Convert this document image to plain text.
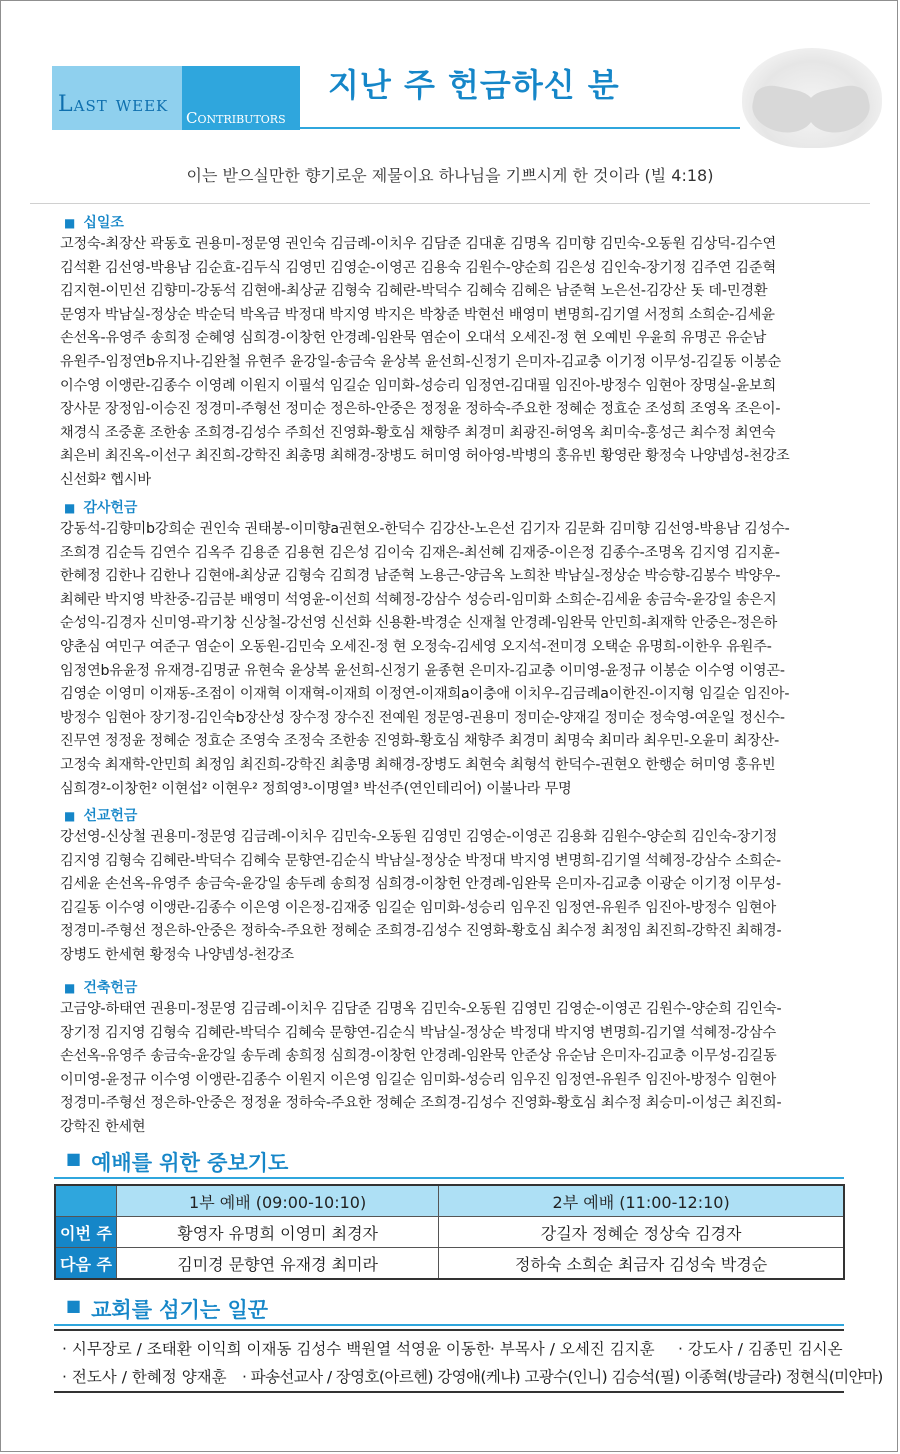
Last week
Contributors
지난 주 헌금하신 분
이는 받으실만한 향기로운 제물이요 하나님을 기쁘시게 한 것이라 (빌 4:18)
■ 십일조
고정숙-최장산 곽동호 권용미-정문영 권인숙 김금례-이치우 김담준 김대훈 김명옥 김미향 김민숙-오동원 김상덕-김수연
김석환 김선영-박용남 김순효-김두식 김영민 김영순-이영곤 김용숙 김원수-양순희 김은성 김인숙-장기정 김주연 김준혁
김지현-이민선 김향미-강동석 김현애-최상균 김형숙 김혜란-박덕수 김혜숙 김혜은 남준혁 노은선-김강산 돗 데-민경환
문영자 박남실-정상순 박순덕 박옥금 박정대 박지영 박지은 박창준 박현선 배영미 변명희-김기열 서정희 소희순-김세윤
손선옥-유영주 송희정 순혜영 심희경-이창헌 안경례-임완묵 염순이 오대석 오세진-정 현 오예빈 우윤희 유명곤 유순남
유원주-임정연b유지나-김완철 유현주 윤강일-송금숙 윤상복 윤선희-신정기 은미자-김교충 이기정 이무성-김길동 이봉순
이수영 이앵란-김종수 이영례 이원지 이필석 임길순 임미화-성승리 임정연-김대필 임진아-방정수 임현아 장명실-윤보희
장사문 장정임-이승진 정경미-주형선 정미순 정은하-안중은 정정윤 정하숙-주요한 정혜순 정효순 조성희 조영옥 조은이-
채경식 조중훈 조한송 조희경-김성수 주희선 진영화-황호심 채향주 최경미 최광진-허영옥 최미숙-홍성근 최수정 최연숙
최은비 최진옥-이선구 최진희-강학진 최총명 최해경-장병도 허미영 허아영-박병의 홍유빈 황영란 황정숙 나양넴성-천강조
신선화² 헵시바
■ 감사헌금
강동석-김향미b강희순 권인숙 권태봉-이미향a권현오-한덕수 김강산-노은선 김기자 김문화 김미향 김선영-박용남 김성수-
조희경 김순득 김연수 김옥주 김용준 김용현 김은성 김이숙 김재은-최선혜 김재중-이은정 김종수-조명옥 김지영 김지훈-
한혜정 김한나 김한나 김현애-최상균 김형숙 김희경 남준혁 노용근-양금옥 노희찬 박남실-정상순 박승향-김봉수 박양우-
최혜란 박지영 박찬중-김금분 배영미 석영윤-이선희 석혜정-강삼수 성승리-임미화 소희순-김세윤 송금숙-윤강일 송은지
순성익-김경자 신미영-곽기창 신상철-강선영 신선화 신용환-박경순 신재철 안경례-임완묵 안민희-최재학 안중은-정은하
양춘심 여민구 여준구 염순이 오동원-김민숙 오세진-정 현 오정숙-김세영 오지석-전미경 오택순 유명희-이한우 유원주-
임정연b유윤정 유재경-김명균 유현숙 윤상복 윤선희-신정기 윤종현 은미자-김교충 이미영-윤정규 이봉순 이수영 이영곤-
김영순 이영미 이재동-조점이 이재혁 이재혁-이재희 이정연-이재희a이충애 이치우-김금례a이한진-이지형 임길순 임진아-
방정수 임현아 장기정-김인숙b장산성 장수정 장수진 전예원 정문영-권용미 정미순-양재길 정미순 정숙영-여운일 정신수-
진무연 정정윤 정혜순 정효순 조영숙 조정숙 조한송 진영화-황호심 채향주 최경미 최명숙 최미라 최우민-오윤미 최장산-
고정숙 최재학-안민희 최정임 최진희-강학진 최총명 최해경-장병도 최현숙 최형석 한덕수-권현오 한행순 허미영 홍유빈
심희경²-이창헌² 이현섭² 이현우² 정희영³-이명열³ 박선주(연인테리어) 이불나라 무명
■ 선교헌금
강선영-신상철 권용미-정문영 김금례-이치우 김민숙-오동원 김영민 김영순-이영곤 김용화 김원수-양순희 김인숙-장기정
김지영 김형숙 김혜란-박덕수 김혜숙 문향연-김순식 박남실-정상순 박정대 박지영 변명희-김기열 석혜정-강삼수 소희순-
김세윤 손선옥-유영주 송금숙-윤강일 송두례 송희정 심희경-이창헌 안경례-임완묵 은미자-김교충 이광순 이기정 이무성-
김길동 이수영 이앵란-김종수 이은영 이은정-김재중 임길순 임미화-성승리 임우진 임정연-유원주 임진아-방정수 임현아
정경미-주형선 정은하-안중은 정하숙-주요한 정혜순 조희경-김성수 진영화-황호심 최수정 최정임 최진희-강학진 최해경-
장병도 한세현 황정숙 나양넴성-천강조
■ 건축헌금
고금양-하태연 권용미-정문영 김금례-이치우 김담준 김명옥 김민숙-오동원 김영민 김영순-이영곤 김원수-양순희 김인숙-
장기정 김지영 김형숙 김혜란-박덕수 김혜숙 문향연-김순식 박남실-정상순 박정대 박지영 변명희-김기열 석혜정-강삼수
손선옥-유영주 송금숙-윤강일 송두례 송희정 심희경-이창헌 안경례-임완묵 안준상 유순남 은미자-김교충 이무성-김길동
이미영-윤정규 이수영 이앵란-김종수 이원지 이은영 임길순 임미화-성승리 임우진 임정연-유원주 임진아-방정수 임현아
정경미-주형선 정은하-안중은 정정윤 정하숙-주요한 정혜순 조희경-김성수 진영화-황호심 최수정 최승미-이성근 최진희-
강학진 한세현
■ 예배를 위한 중보기도
	1부 예배 (09:00-10:10)	2부 예배 (11:00-12:10)
이번 주	황영자 유명희 이영미 최경자	강길자 정혜순 정상숙 김경자
다음 주	김미경 문향연 유재경 최미라	정하숙 소희순 최금자 김성숙 박경순
■ 교회를 섬기는 일꾼
· 시무장로 / 조태환 이익희 이재동 김성수 백원열 석영윤 이동한 · 부목사 / 오세진 김지훈 · 강도사 / 김종민 김시온
· 전도사 / 한혜정 양재훈 · 파송선교사 / 장영호(아르헨) 강영애(케냐) 고광수(인니) 김승석(필) 이종혁(방글라) 정현식(미얀마)
